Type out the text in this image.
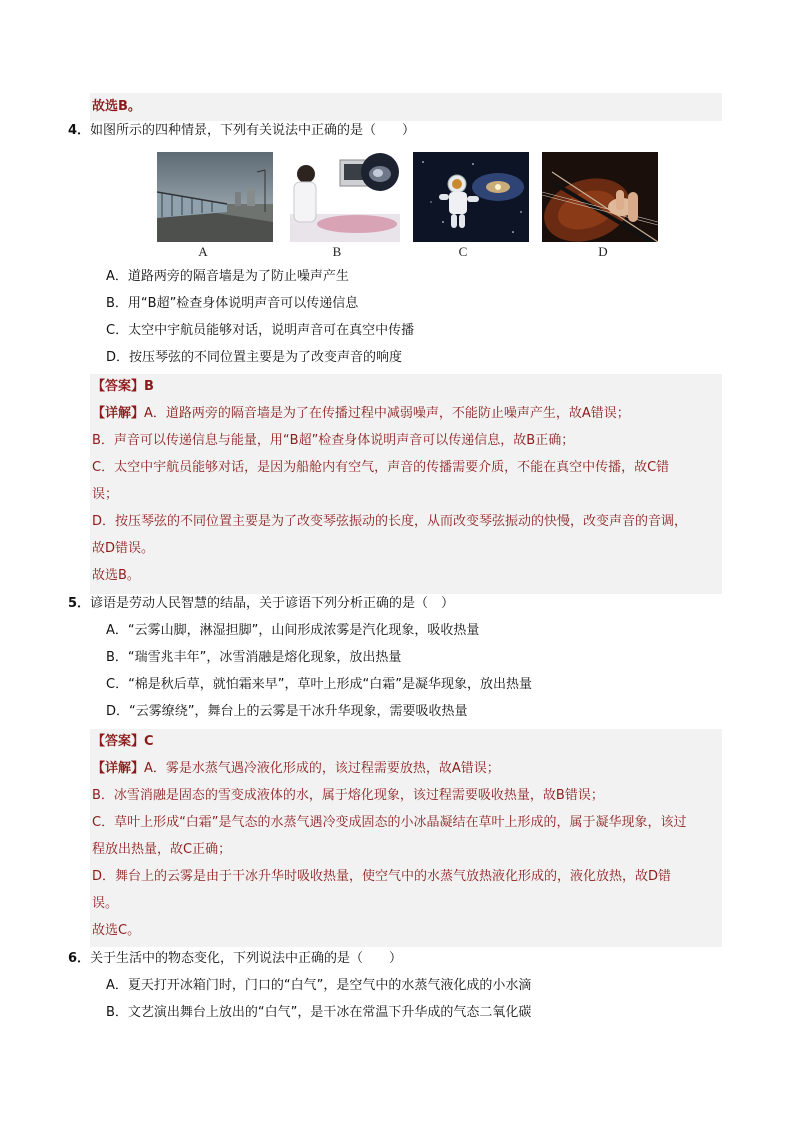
故选B。
4．如图所示的四种情景，下列有关说法中正确的是（　　）
A	B	C	D
A．道路两旁的隔音墙是为了防止噪声产生
B．用“B超”检查身体说明声音可以传递信息
C．太空中宇航员能够对话，说明声音可在真空中传播
D．按压琴弦的不同位置主要是为了改变声音的响度
【答案】B
【详解】A．道路两旁的隔音墙是为了在传播过程中减弱噪声，不能防止噪声产生，故A错误；
B．声音可以传递信息与能量，用“B超”检查身体说明声音可以传递信息，故B正确；
C．太空中宇航员能够对话，是因为船舱内有空气，声音的传播需要介质，不能在真空中传播，故C错
误；
D．按压琴弦的不同位置主要是为了改变琴弦振动的长度，从而改变琴弦振动的快慢，改变声音的音调，
故D错误。
故选B。
5．谚语是劳动人民智慧的结晶，关于谚语下列分析正确的是（　）
A．“云雾山脚，淋湿担脚”，山间形成浓雾是汽化现象，吸收热量
B．“瑞雪兆丰年”，冰雪消融是熔化现象，放出热量
C．“棉是秋后草，就怕霜来早”，草叶上形成“白霜”是凝华现象，放出热量
D．“云雾缭绕”，舞台上的云雾是干冰升华现象，需要吸收热量
【答案】C
【详解】A．雾是水蒸气遇冷液化形成的，该过程需要放热，故A错误；
B．冰雪消融是固态的雪变成液体的水，属于熔化现象，该过程需要吸收热量，故B错误；
C．草叶上形成“白霜”是气态的水蒸气遇冷变成固态的小冰晶凝结在草叶上形成的，属于凝华现象，该过
程放出热量，故C正确；
D．舞台上的云雾是由于干冰升华时吸收热量，使空气中的水蒸气放热液化形成的，液化放热，故D错
误。
故选C。
6．关于生活中的物态变化，下列说法中正确的是（　　）
A．夏天打开冰箱门时，门口的“白气”，是空气中的水蒸气液化成的小水滴
B．文艺演出舞台上放出的“白气”，是干冰在常温下升华成的气态二氧化碳
